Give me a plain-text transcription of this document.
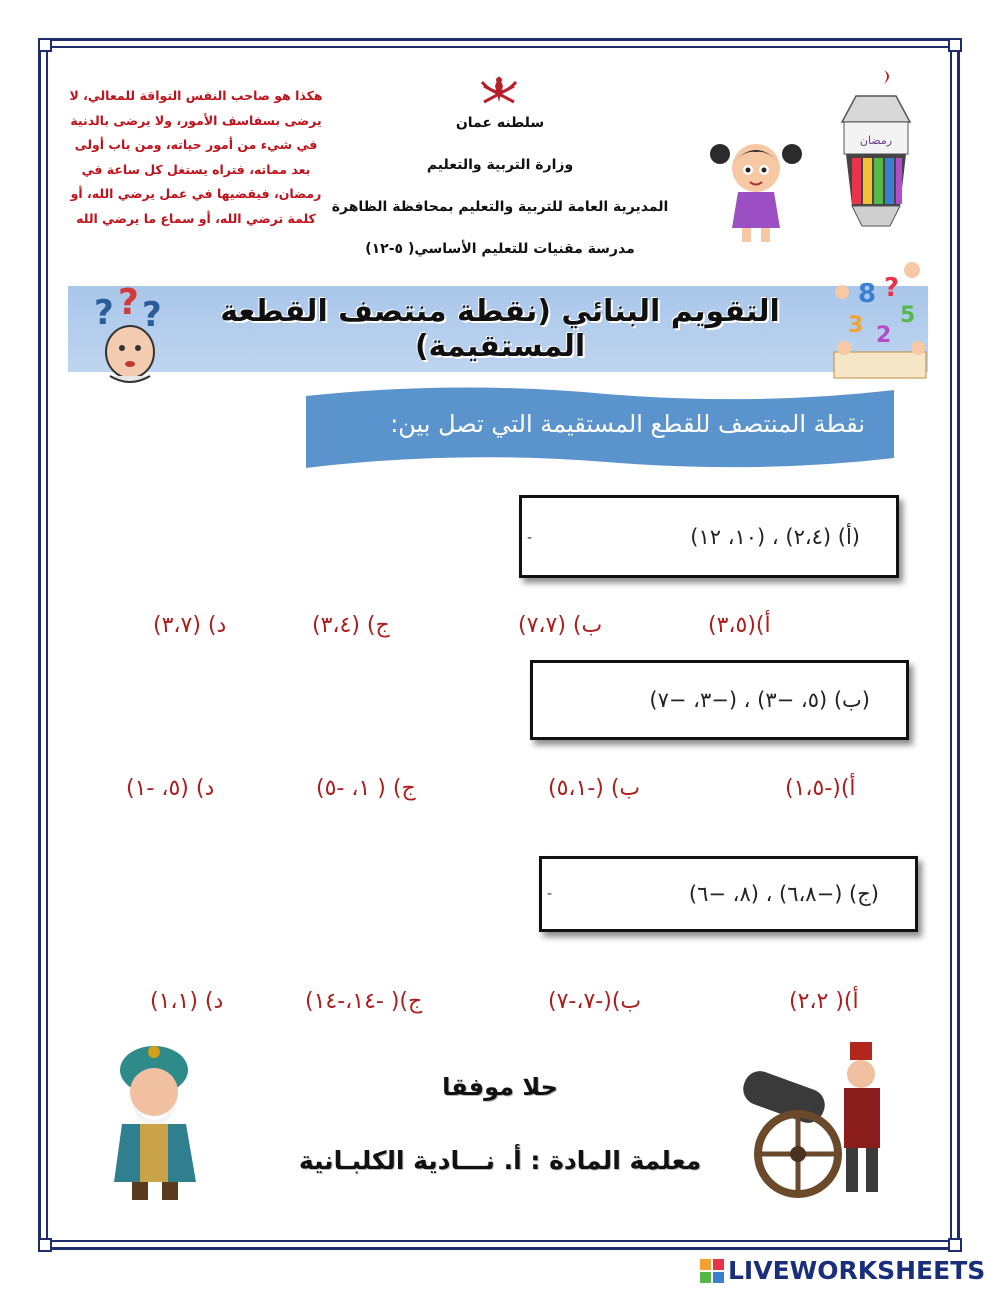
هكذا هو صاحب النفس التواقة للمعالي، لا
يرضى بسفاسف الأمور، ولا يرضى بالدنية
في شيء من أمور حياته، ومن باب أولى
بعد مماته، فتراه يستغل كل ساعة في
رمضان، فيقضيها في عمل يرضي الله، أو
كلمة ترضي الله، أو سماع ما يرضي الله
سلطنه عمان
وزارة التربية والتعليم
المديرية العامة للتربية والتعليم بمحافظة الظاهرة
مدرسة مقنيات للتعليم الأساسي( ٥-١٢)
رمضان
التقويم البنائي (نقطة منتصف القطعة المستقيمة)
? ? ?
8 ?
5
3 2
نقطة المنتصف للقطع المستقيمة التي تصل بين:
(أ) (٢،٤) ، (١٠، ١٢)
-
أ)(٣،٥)
ب) (٧،٧)
ج) (٣،٤)
د) (٣،٧)
(ب) (٥، −٣) ، (−٣، −٧)
أ)(-١،٥)
ب) (-٥،١)
ج) ( ١، -٥)
د) (٥، -١)
(ج) (−٦،٨) ، (٨، −٦)
-
أ)( ٢،٢)
ب)(-٧،-٧)
ج)( -١٤،-١٤)
د) (١،١)
حلا موفقا
معلمة المادة : أ. نـــادية الكلبـانية
LIVEWORKSHEETS
